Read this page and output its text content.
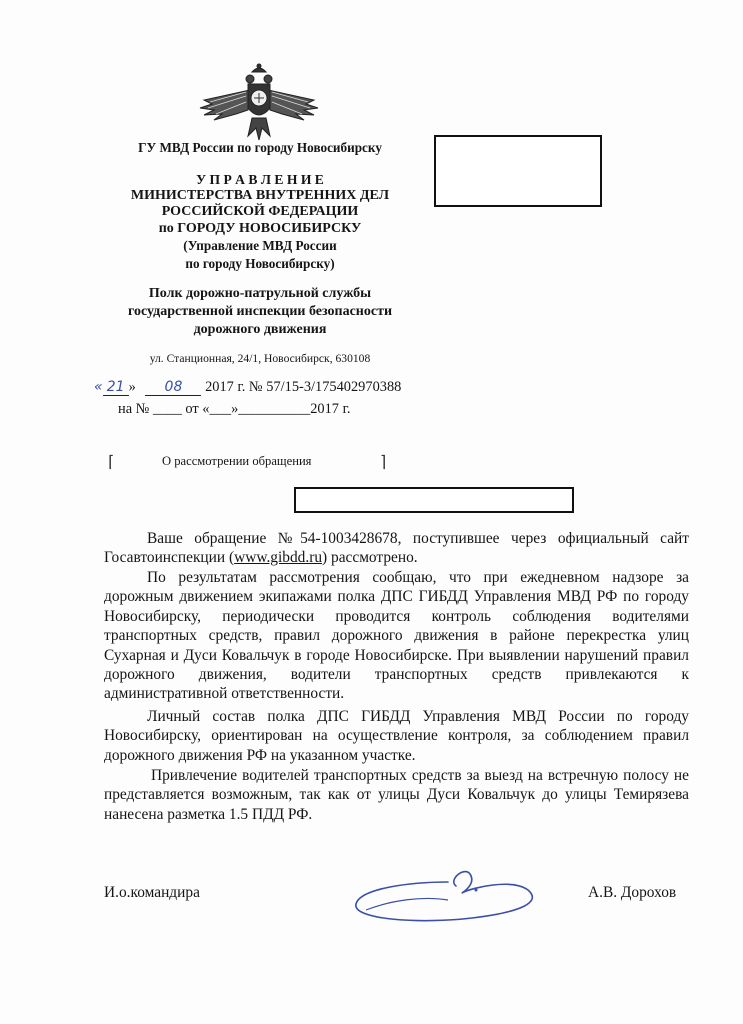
ГУ МВД России по городу Новосибирску
У П Р А В Л Е Н И Е
МИНИСТЕРСТВА ВНУТРЕННИХ ДЕЛ
РОССИЙСКОЙ ФЕДЕРАЦИИ
по ГОРОДУ НОВОСИБИРСКУ
(Управление МВД России
по городу Новосибирску)
Полк дорожно-патрульной службы
государственной инспекции безопасности
дорожного движения
ул. Станционная, 24/1, Новосибирск, 630108
« 21 » 08 2017 г. № 57/15-3/175402970388
на № ____ от «___»__________2017 г.
⌈	О рассмотрении обращения	⌉
Ваше обращение №54-1003428678, поступившее через официальный сайт Госавтоинспекции (www.gibdd.ru) рассмотрено.
По результатам рассмотрения сообщаю, что при ежедневном надзоре за дорожным движением экипажами полка ДПС ГИБДД Управления МВД РФ по городу Новосибирску, периодически проводится контроль соблюдения водителями транспортных средств, правил дорожного движения в районе перекрестка улиц Сухарная и Дуси Ковальчук в городе Новосибирске. При выявлении нарушений правил дорожного движения, водители транспортных средств привлекаются к административной ответственности.
Личный состав полка ДПС ГИБДД Управления МВД России по городу Новосибирску, ориентирован на осуществление контроля, за соблюдением правил дорожного движения РФ на указанном участке.
Привлечение водителей транспортных средств за выезд на встречную полосу не представляется возможным, так как от улицы Дуси Ковальчук до улицы Темирязева нанесена разметка 1.5 ПДД РФ.
И.о.командира	А.В. Дорохов
